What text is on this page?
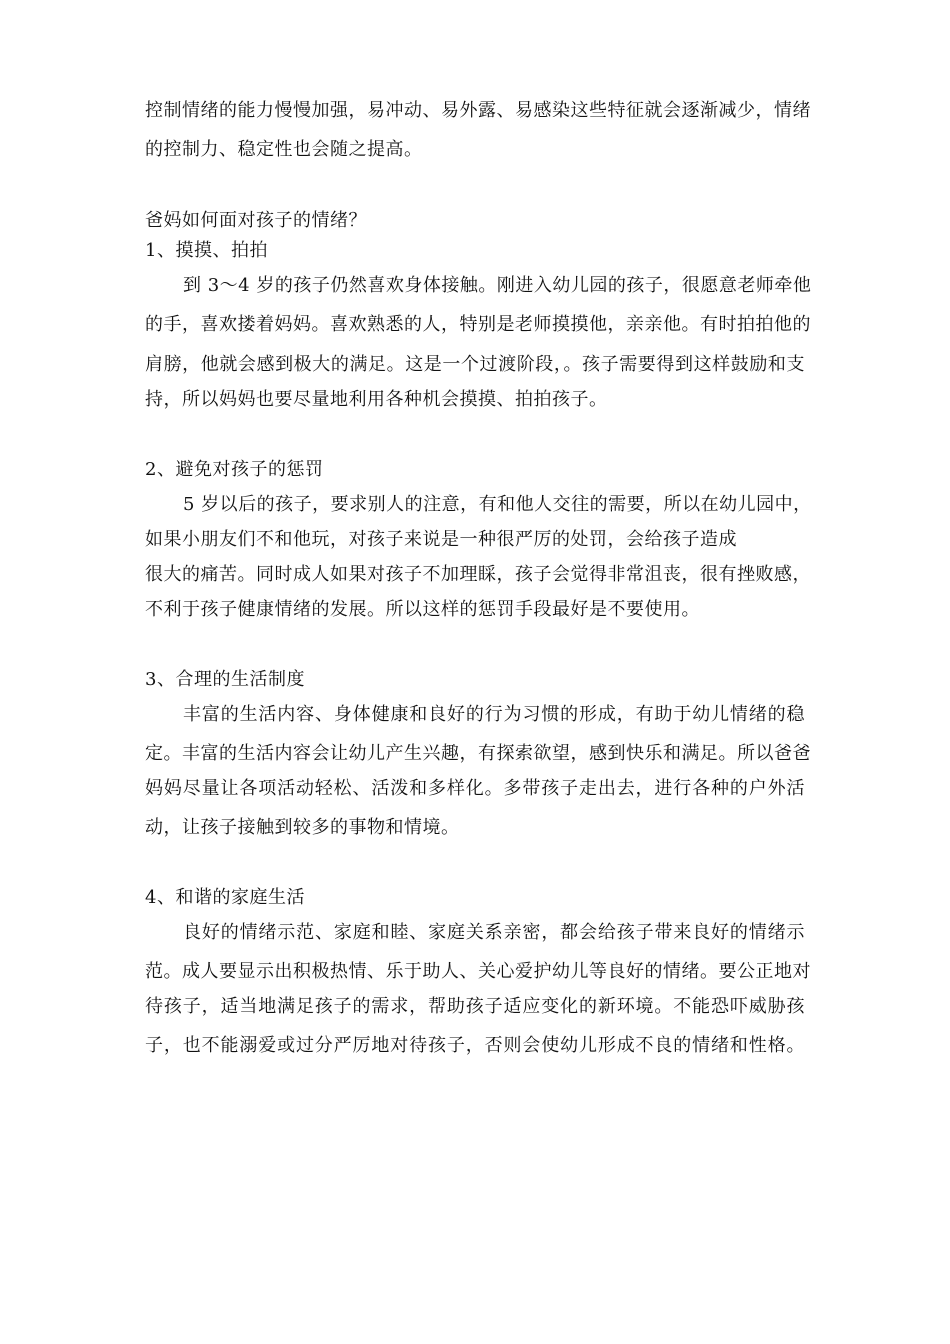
控制情绪的能力慢慢加强，易冲动、易外露、易感染这些特征就会逐渐减少，情绪
的控制力、稳定性也会随之提高。
爸妈如何面对孩子的情绪？
1、摸摸、拍拍
到 3～4 岁的孩子仍然喜欢身体接触。刚进入幼儿园的孩子，很愿意老师牵他
的手，喜欢搂着妈妈。喜欢熟悉的人，特别是老师摸摸他，亲亲他。有时拍拍他的
肩膀，他就会感到极大的满足。这是一个过渡阶段，。孩子需要得到这样鼓励和支
持，所以妈妈也要尽量地利用各种机会摸摸、拍拍孩子。
2、避免对孩子的惩罚
5 岁以后的孩子，要求别人的注意，有和他人交往的需要，所以在幼儿园中，
如果小朋友们不和他玩，对孩子来说是一种很严厉的处罚，会给孩子造成
很大的痛苦。同时成人如果对孩子不加理睬，孩子会觉得非常沮丧，很有挫败感，
不利于孩子健康情绪的发展。所以这样的惩罚手段最好是不要使用。
3、合理的生活制度
丰富的生活内容、身体健康和良好的行为习惯的形成，有助于幼儿情绪的稳
定。丰富的生活内容会让幼儿产生兴趣，有探索欲望，感到快乐和满足。所以爸爸
妈妈尽量让各项活动轻松、活泼和多样化。多带孩子走出去，进行各种的户外活
动，让孩子接触到较多的事物和情境。
4、和谐的家庭生活
良好的情绪示范、家庭和睦、家庭关系亲密，都会给孩子带来良好的情绪示
范。成人要显示出积极热情、乐于助人、关心爱护幼儿等良好的情绪。要公正地对
待孩子，适当地满足孩子的需求，帮助孩子适应变化的新环境。不能恐吓威胁孩
子，也不能溺爱或过分严厉地对待孩子，否则会使幼儿形成不良的情绪和性格。
